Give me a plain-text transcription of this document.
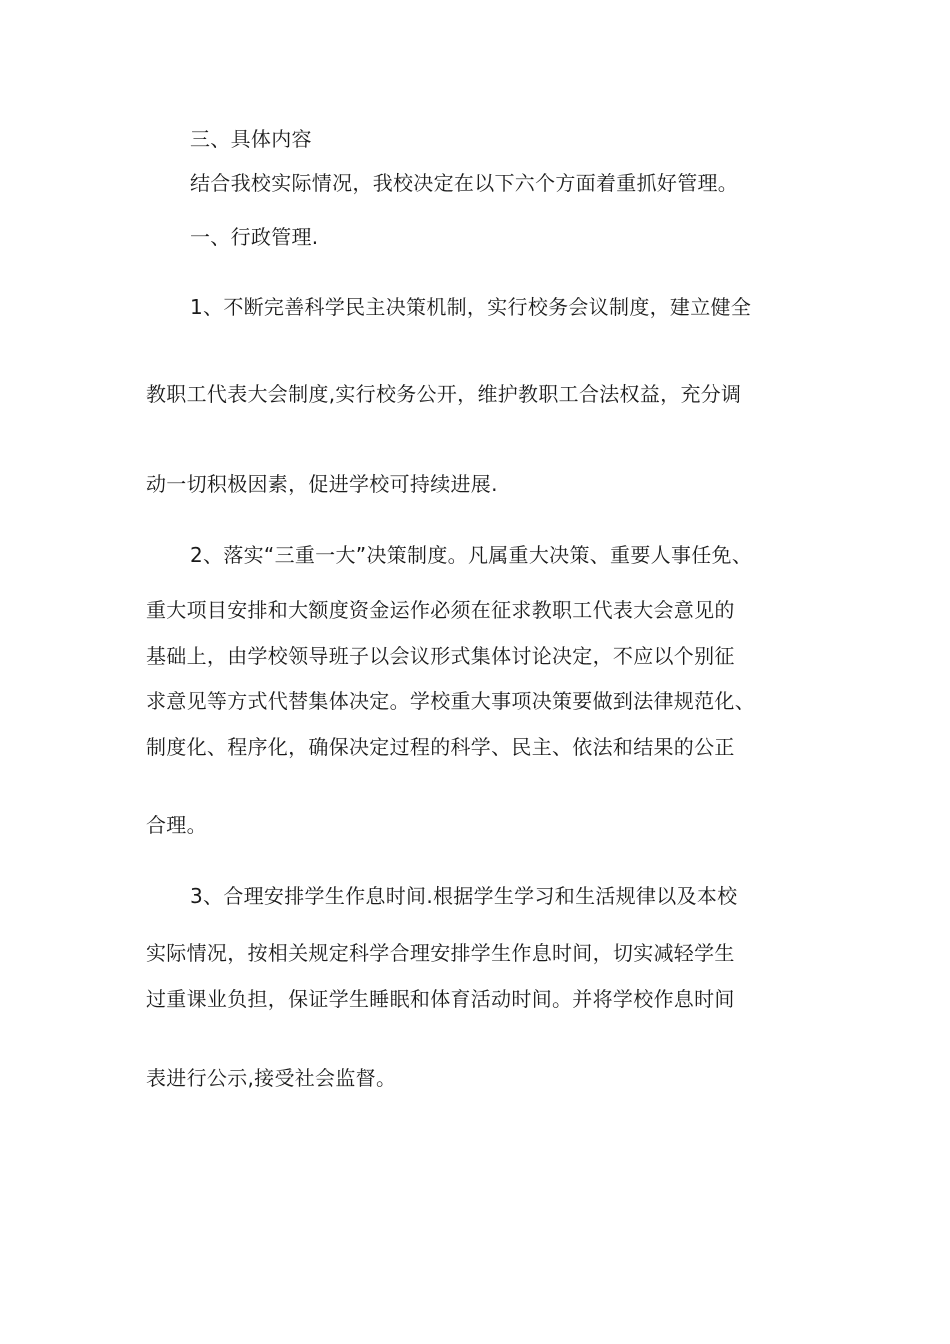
三、具体内容

结合我校实际情况，我校决定在以下六个方面着重抓好管理。

一、行政管理.

1、不断完善科学民主决策机制，实行校务会议制度，建立健全

教职工代表大会制度,实行校务公开，维护教职工合法权益，充分调

动一切积极因素，促进学校可持续进展.

2、落实“三重一大”决策制度。凡属重大决策、重要人事任免、

重大项目安排和大额度资金运作必须在征求教职工代表大会意见的

基础上，由学校领导班子以会议形式集体讨论决定，不应以个别征

求意见等方式代替集体决定。学校重大事项决策要做到法律规范化、

制度化、程序化，确保决定过程的科学、民主、依法和结果的公正

合理。

3、合理安排学生作息时间.根据学生学习和生活规律以及本校

实际情况，按相关规定科学合理安排学生作息时间，切实减轻学生

过重课业负担，保证学生睡眠和体育活动时间。并将学校作息时间

表进行公示,接受社会监督。
